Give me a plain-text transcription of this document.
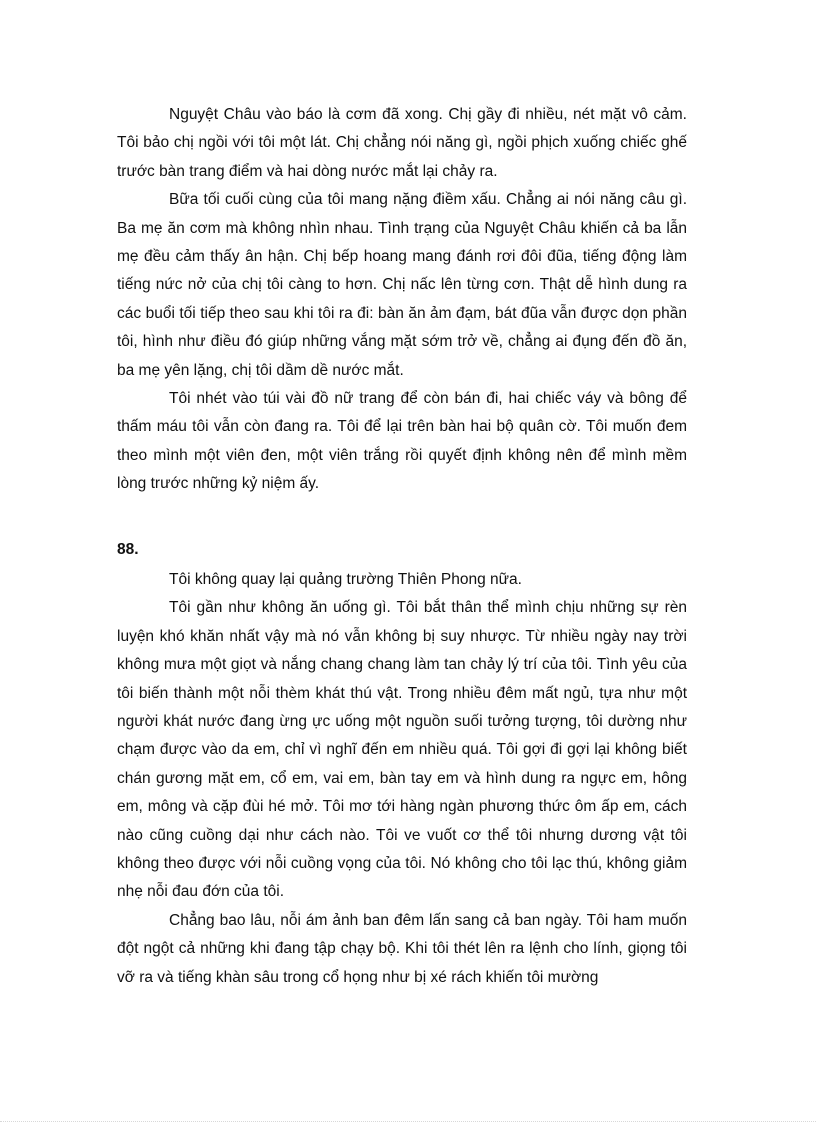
Nguyệt Châu vào báo là cơm đã xong. Chị gầy đi nhiều, nét mặt vô cảm. Tôi bảo chị ngồi với tôi một lát. Chị chẳng nói năng gì, ngồi phịch xuống chiếc ghế trước bàn trang điểm và hai dòng nước mắt lại chảy ra.

Bữa tối cuối cùng của tôi mang nặng điềm xấu. Chẳng ai nói năng câu gì. Ba mẹ ăn cơm mà không nhìn nhau. Tình trạng của Nguyệt Châu khiến cả ba lẫn mẹ đều cảm thấy ân hận. Chị bếp hoang mang đánh rơi đôi đũa, tiếng động làm tiếng nức nở của chị tôi càng to hơn. Chị nấc lên từng cơn. Thật dễ hình dung ra các buổi tối tiếp theo sau khi tôi ra đi: bàn ăn ảm đạm, bát đũa vẫn được dọn phần tôi, hình như điều đó giúp những vắng mặt sớm trở về, chẳng ai đụng đến đồ ăn, ba mẹ yên lặng, chị tôi dầm dề nước mắt.

Tôi nhét vào túi vài đồ nữ trang để còn bán đi, hai chiếc váy và bông để thấm máu tôi vẫn còn đang ra. Tôi để lại trên bàn hai bộ quân cờ. Tôi muốn đem theo mình một viên đen, một viên trắng rồi quyết định không nên để mình mềm lòng trước những kỷ niệm ấy.

88.

Tôi không quay lại quảng trường Thiên Phong nữa.

Tôi gần như không ăn uống gì. Tôi bắt thân thể mình chịu những sự rèn luyện khó khăn nhất vậy mà nó vẫn không bị suy nhược. Từ nhiều ngày nay trời không mưa một giọt và nắng chang chang làm tan chảy lý trí của tôi. Tình yêu của tôi biến thành một nỗi thèm khát thú vật. Trong nhiều đêm mất ngủ, tựa như một người khát nước đang ừng ực uống một nguồn suối tưởng tượng, tôi dường như chạm được vào da em, chỉ vì nghĩ đến em nhiều quá. Tôi gợi đi gợi lại không biết chán gương mặt em, cổ em, vai em, bàn tay em và hình dung ra ngực em, hông em, mông và cặp đùi hé mở. Tôi mơ tới hàng ngàn phương thức ôm ấp em, cách nào cũng cuồng dại như cách nào. Tôi ve vuốt cơ thể tôi nhưng dương vật tôi không theo được với nỗi cuồng vọng của tôi. Nó không cho tôi lạc thú, không giảm nhẹ nỗi đau đớn của tôi.

Chẳng bao lâu, nỗi ám ảnh ban đêm lấn sang cả ban ngày. Tôi ham muốn đột ngột cả những khi đang tập chạy bộ. Khi tôi thét lên ra lệnh cho lính, giọng tôi vỡ ra và tiếng khàn sâu trong cổ họng như bị xé rách khiến tôi mường
